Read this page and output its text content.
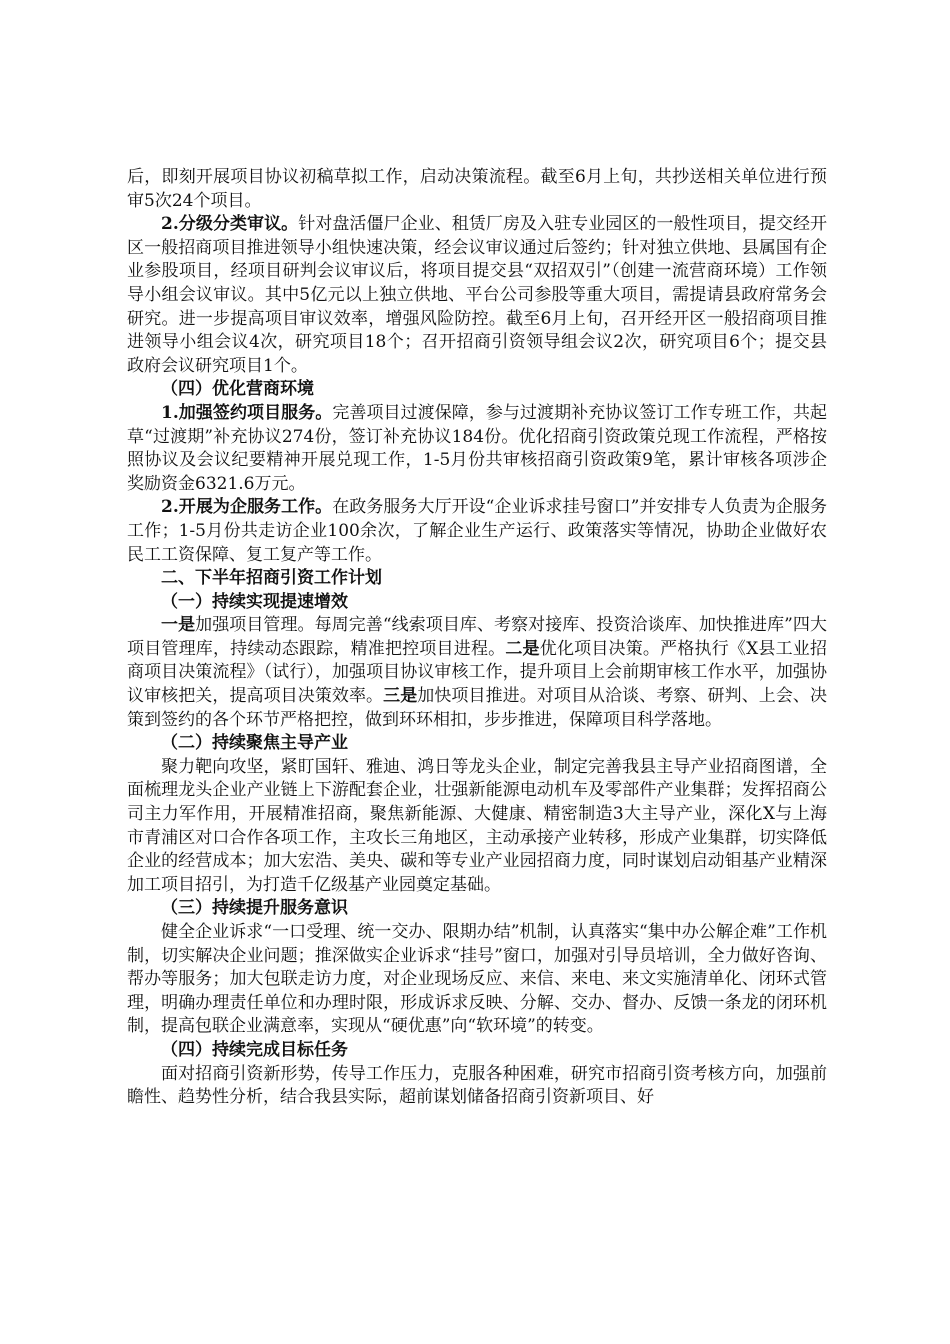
后，即刻开展项目协议初稿草拟工作，启动决策流程。截至6月上旬，共抄送相关单位进行预审5次24个项目。

2.分级分类审议。针对盘活僵尸企业、租赁厂房及入驻专业园区的一般性项目，提交经开区一般招商项目推进领导小组快速决策，经会议审议通过后签约；针对独立供地、县属国有企业参股项目，经项目研判会议审议后，将项目提交县“双招双引”（创建一流营商环境）工作领导小组会议审议。其中5亿元以上独立供地、平台公司参股等重大项目，需提请县政府常务会研究。进一步提高项目审议效率，增强风险防控。截至6月上旬，召开经开区一般招商项目推进领导小组会议4次，研究项目18个；召开招商引资领导组会议2次，研究项目6个；提交县政府会议研究项目1个。

（四）优化营商环境

1.加强签约项目服务。完善项目过渡保障，参与过渡期补充协议签订工作专班工作，共起草“过渡期”补充协议274份，签订补充协议184份。优化招商引资政策兑现工作流程，严格按照协议及会议纪要精神开展兑现工作，1-5月份共审核招商引资政策9笔，累计审核各项涉企奖励资金6321.6万元。

2.开展为企服务工作。在政务服务大厅开设“企业诉求挂号窗口”并安排专人负责为企服务工作；1-5月份共走访企业100余次，了解企业生产运行、政策落实等情况，协助企业做好农民工工资保障、复工复产等工作。

二、下半年招商引资工作计划

（一）持续实现提速增效

一是加强项目管理。每周完善“线索项目库、考察对接库、投资洽谈库、加快推进库”四大项目管理库，持续动态跟踪，精准把控项目进程。二是优化项目决策。严格执行《X县工业招商项目决策流程》（试行），加强项目协议审核工作，提升项目上会前期审核工作水平，加强协议审核把关，提高项目决策效率。三是加快项目推进。对项目从洽谈、考察、研判、上会、决策到签约的各个环节严格把控，做到环环相扣，步步推进，保障项目科学落地。

（二）持续聚焦主导产业

聚力靶向攻坚，紧盯国轩、雅迪、鸿日等龙头企业，制定完善我县主导产业招商图谱，全面梳理龙头企业产业链上下游配套企业，壮强新能源电动机车及零部件产业集群；发挥招商公司主力军作用，开展精准招商，聚焦新能源、大健康、精密制造3大主导产业，深化X与上海市青浦区对口合作各项工作，主攻长三角地区，主动承接产业转移，形成产业集群，切实降低企业的经营成本；加大宏浩、美央、碳和等专业产业园招商力度，同时谋划启动钼基产业精深加工项目招引，为打造千亿级基产业园奠定基础。

（三）持续提升服务意识

健全企业诉求“一口受理、统一交办、限期办结”机制，认真落实“集中办公解企难”工作机制，切实解决企业问题；推深做实企业诉求“挂号”窗口，加强对引导员培训，全力做好咨询、帮办等服务；加大包联走访力度，对企业现场反应、来信、来电、来文实施清单化、闭环式管理，明确办理责任单位和办理时限，形成诉求反映、分解、交办、督办、反馈一条龙的闭环机制，提高包联企业满意率，实现从“硬优惠”向“软环境”的转变。

（四）持续完成目标任务

面对招商引资新形势，传导工作压力，克服各种困难，研究市招商引资考核方向，加强前瞻性、趋势性分析，结合我县实际，超前谋划储备招商引资新项目、好
